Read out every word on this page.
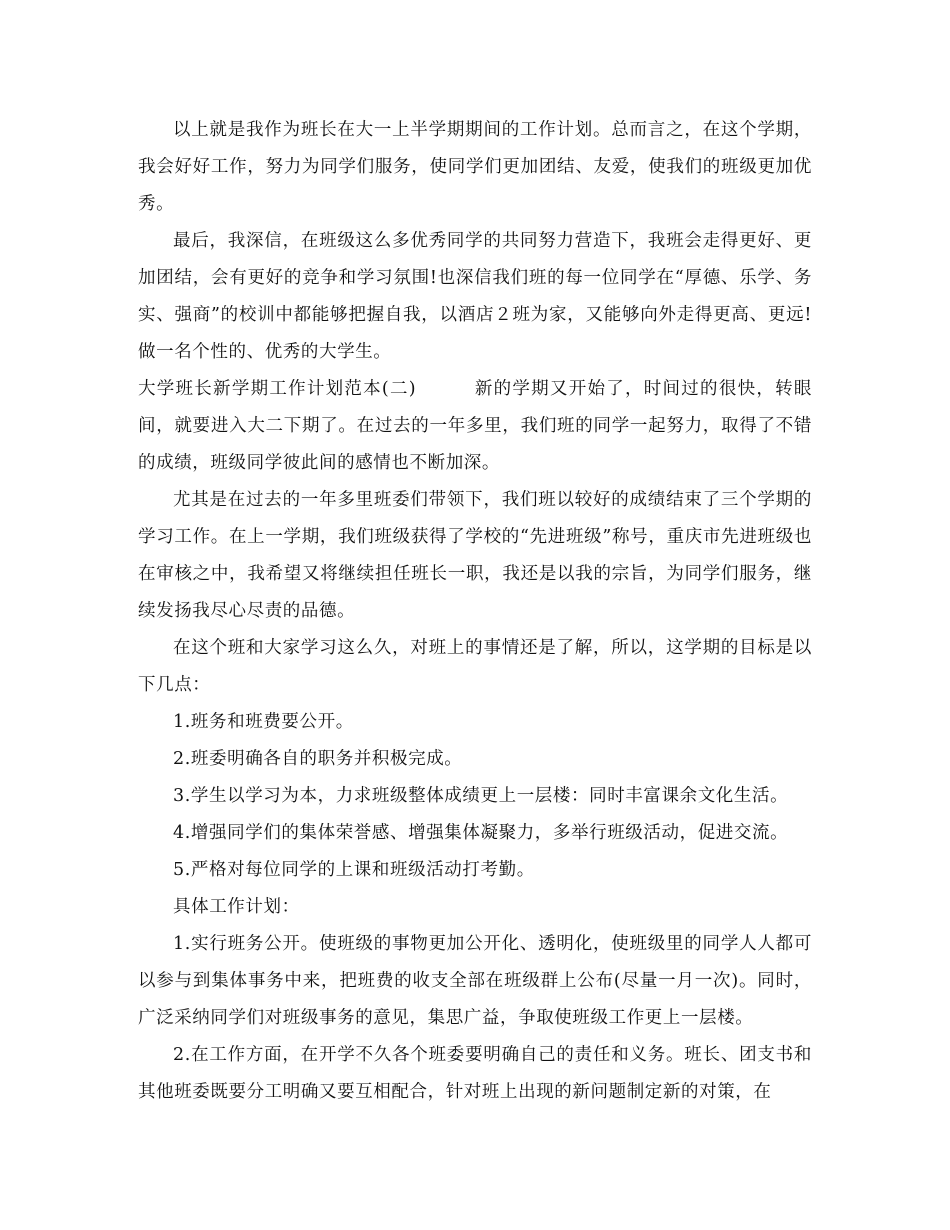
以上就是我作为班长在大一上半学期期间的工作计划。总而言之，在这个学期，我会好好工作，努力为同学们服务，使同学们更加团结、友爱，使我们的班级更加优秀。

最后，我深信，在班级这么多优秀同学的共同努力营造下，我班会走得更好、更加团结，会有更好的竞争和学习氛围!也深信我们班的每一位同学在“厚德、乐学、务实、强商”的校训中都能够把握自我，以酒店２班为家，又能够向外走得更高、更远!做一名个性的、优秀的大学生。

大学班长新学期工作计划范本(二)	新的学期又开始了，时间过的很快，转眼间，就要进入大二下期了。在过去的一年多里，我们班的同学一起努力，取得了不错的成绩，班级同学彼此间的感情也不断加深。

尤其是在过去的一年多里班委们带领下，我们班以较好的成绩结束了三个学期的学习工作。在上一学期，我们班级获得了学校的“先进班级”称号，重庆市先进班级也在审核之中，我希望又将继续担任班长一职，我还是以我的宗旨，为同学们服务，继续发扬我尽心尽责的品德。

在这个班和大家学习这么久，对班上的事情还是了解，所以，这学期的目标是以下几点：

1.班务和班费要公开。

2.班委明确各自的职务并积极完成。

3.学生以学习为本，力求班级整体成绩更上一层楼：同时丰富课余文化生活。

4.增强同学们的集体荣誉感、增强集体凝聚力，多举行班级活动，促进交流。

5.严格对每位同学的上课和班级活动打考勤。

具体工作计划：

1.实行班务公开。使班级的事物更加公开化、透明化，使班级里的同学人人都可以参与到集体事务中来，把班费的收支全部在班级群上公布(尽量一月一次)。同时，广泛采纳同学们对班级事务的意见，集思广益，争取使班级工作更上一层楼。

2.在工作方面，在开学不久各个班委要明确自己的责任和义务。班长、团支书和其他班委既要分工明确又要互相配合，针对班上出现的新问题制定新的对策，在
